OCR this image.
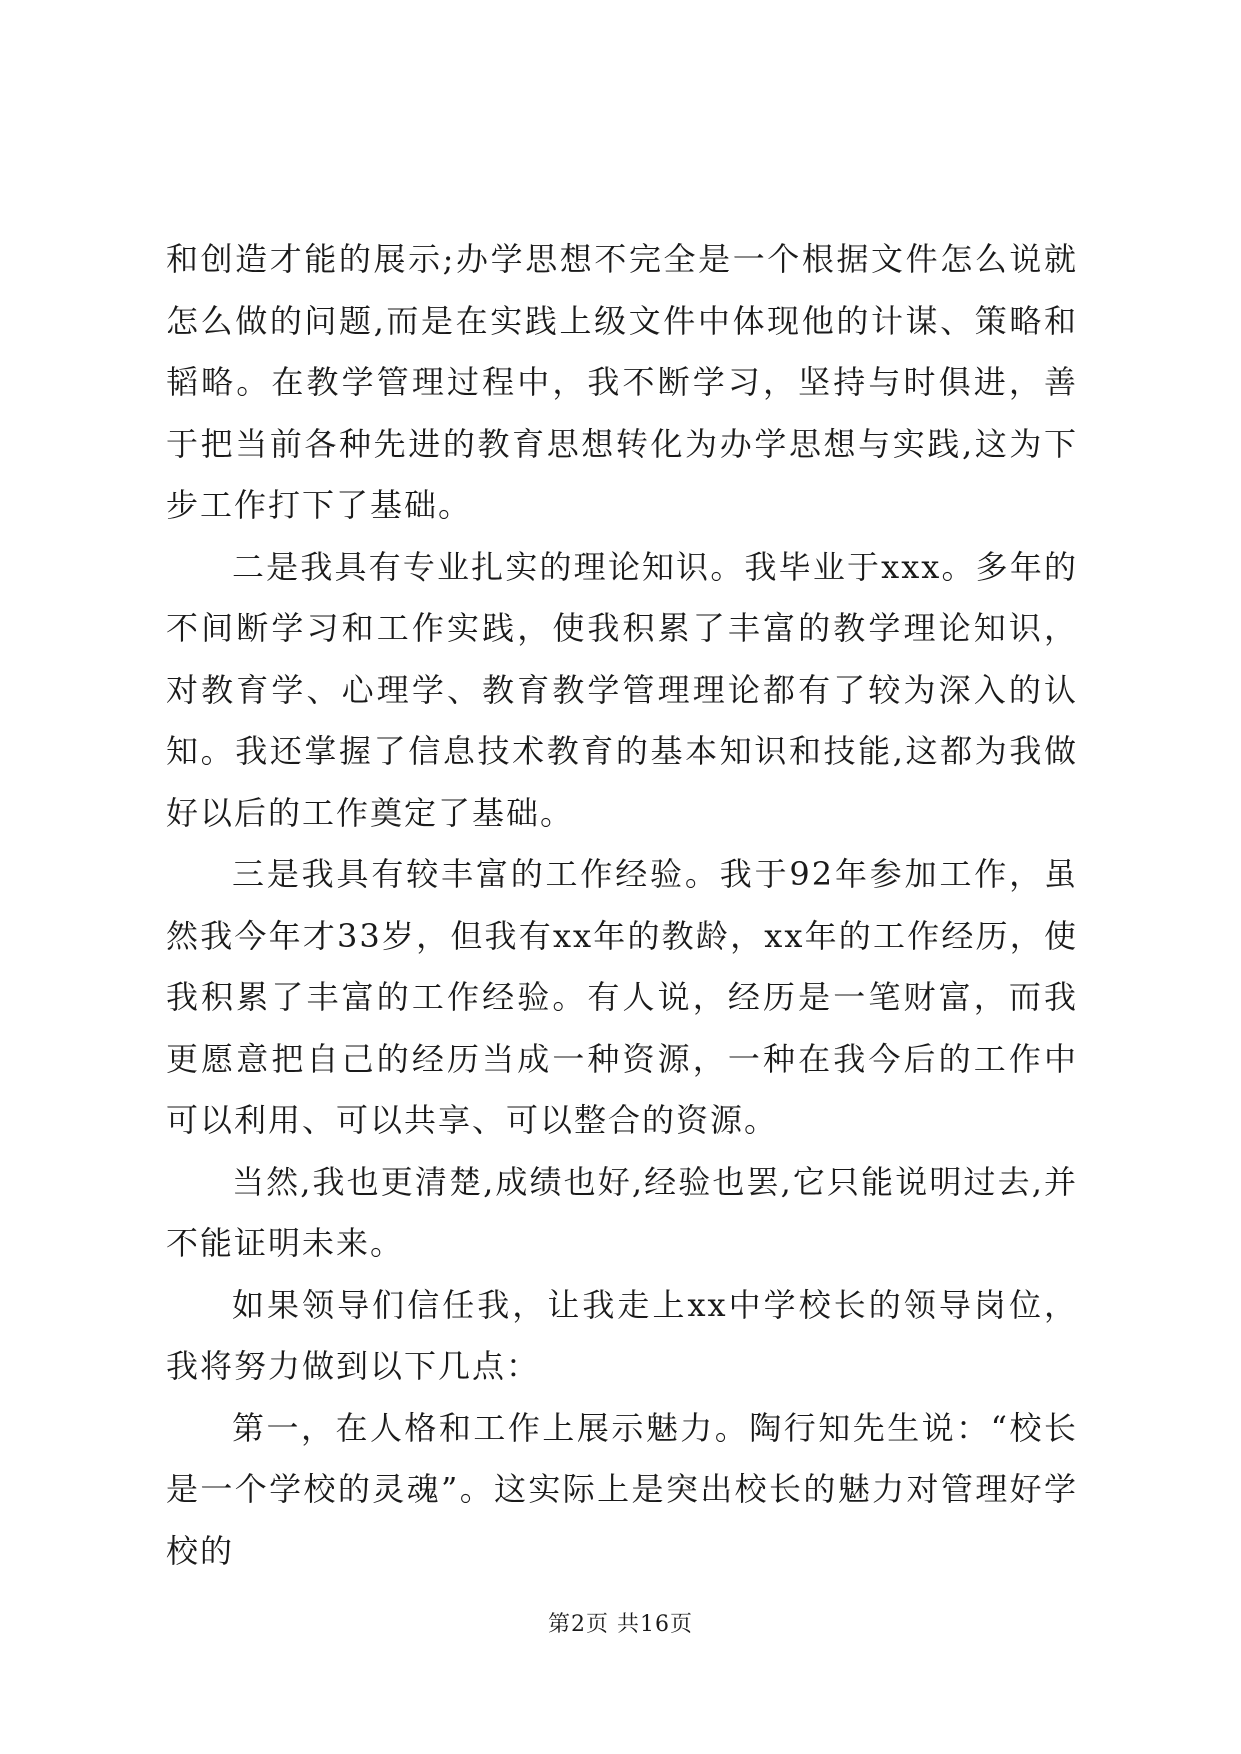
和创造才能的展示;办学思想不完全是一个根据文件怎么说就怎么做的问题,而是在实践上级文件中体现他的计谋、策略和韬略。在教学管理过程中，我不断学习，坚持与时俱进，善于把当前各种先进的教育思想转化为办学思想与实践,这为下步工作打下了基础。

二是我具有专业扎实的理论知识。我毕业于xxx。多年的不间断学习和工作实践，使我积累了丰富的教学理论知识，对教育学、心理学、教育教学管理理论都有了较为深入的认知。我还掌握了信息技术教育的基本知识和技能,这都为我做好以后的工作奠定了基础。

三是我具有较丰富的工作经验。我于92年参加工作，虽然我今年才33岁，但我有xx年的教龄，xx年的工作经历，使我积累了丰富的工作经验。有人说，经历是一笔财富，而我更愿意把自己的经历当成一种资源，一种在我今后的工作中可以利用、可以共享、可以整合的资源。

当然,我也更清楚,成绩也好,经验也罢,它只能说明过去,并不能证明未来。

如果领导们信任我，让我走上xx中学校长的领导岗位，我将努力做到以下几点：

第一，在人格和工作上展示魅力。陶行知先生说：“校长是一个学校的灵魂”。这实际上是突出校长的魅力对管理好学校的

第2页 共16页
